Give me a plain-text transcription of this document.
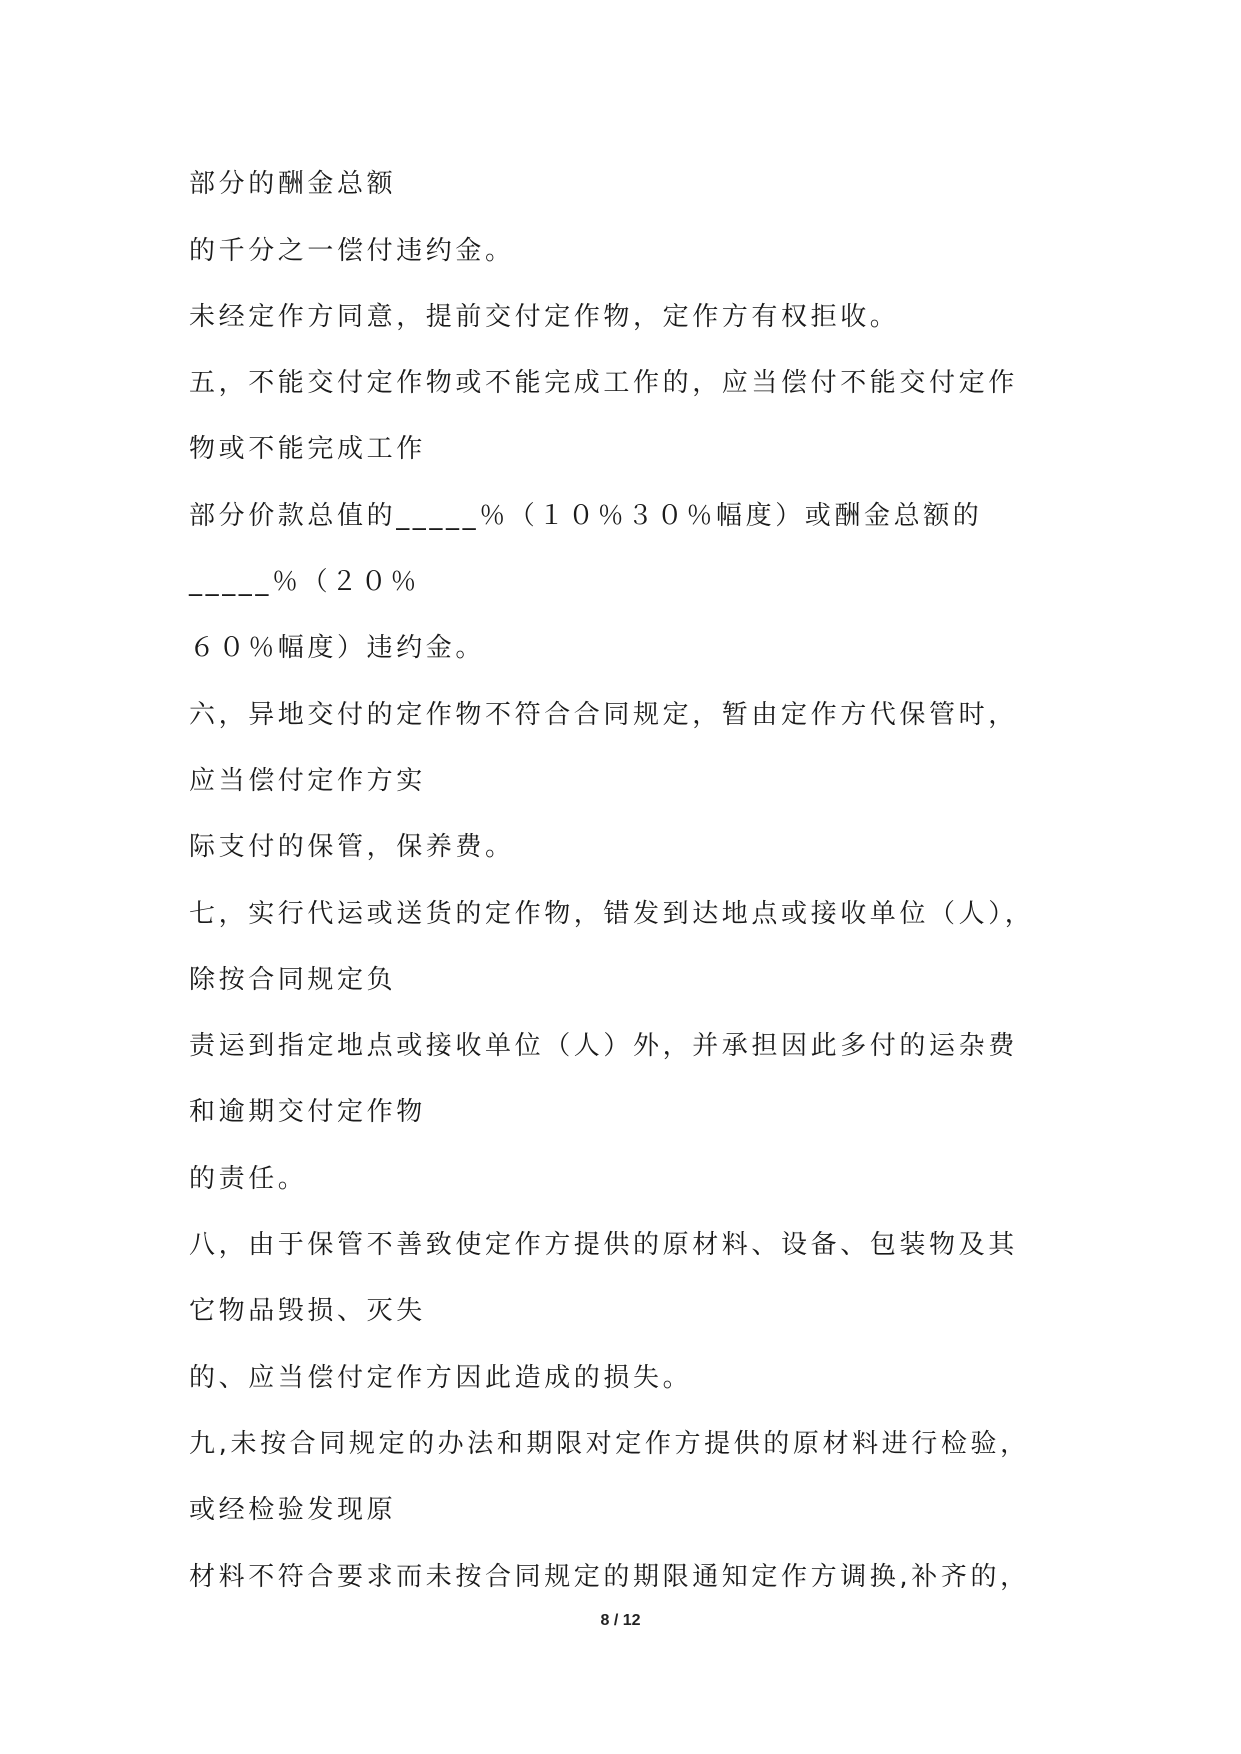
部分的酬金总额

的千分之一偿付违约金。

未经定作方同意，提前交付定作物，定作方有权拒收。

五，不能交付定作物或不能完成工作的，应当偿付不能交付定作

物或不能完成工作

部分价款总值的_____％（１０％３０％幅度）或酬金总额的

_____％（２０％

６０％幅度）违约金。

六，异地交付的定作物不符合合同规定，暂由定作方代保管时，

应当偿付定作方实

际支付的保管，保养费。

七，实行代运或送货的定作物，错发到达地点或接收单位（人），

除按合同规定负

责运到指定地点或接收单位（人）外，并承担因此多付的运杂费

和逾期交付定作物

的责任。

八，由于保管不善致使定作方提供的原材料、设备、包装物及其

它物品毁损、灭失

的、应当偿付定作方因此造成的损失。

九,未按合同规定的办法和期限对定作方提供的原材料进行检验，

或经检验发现原

材料不符合要求而未按合同规定的期限通知定作方调换,补齐的，

8 / 12
